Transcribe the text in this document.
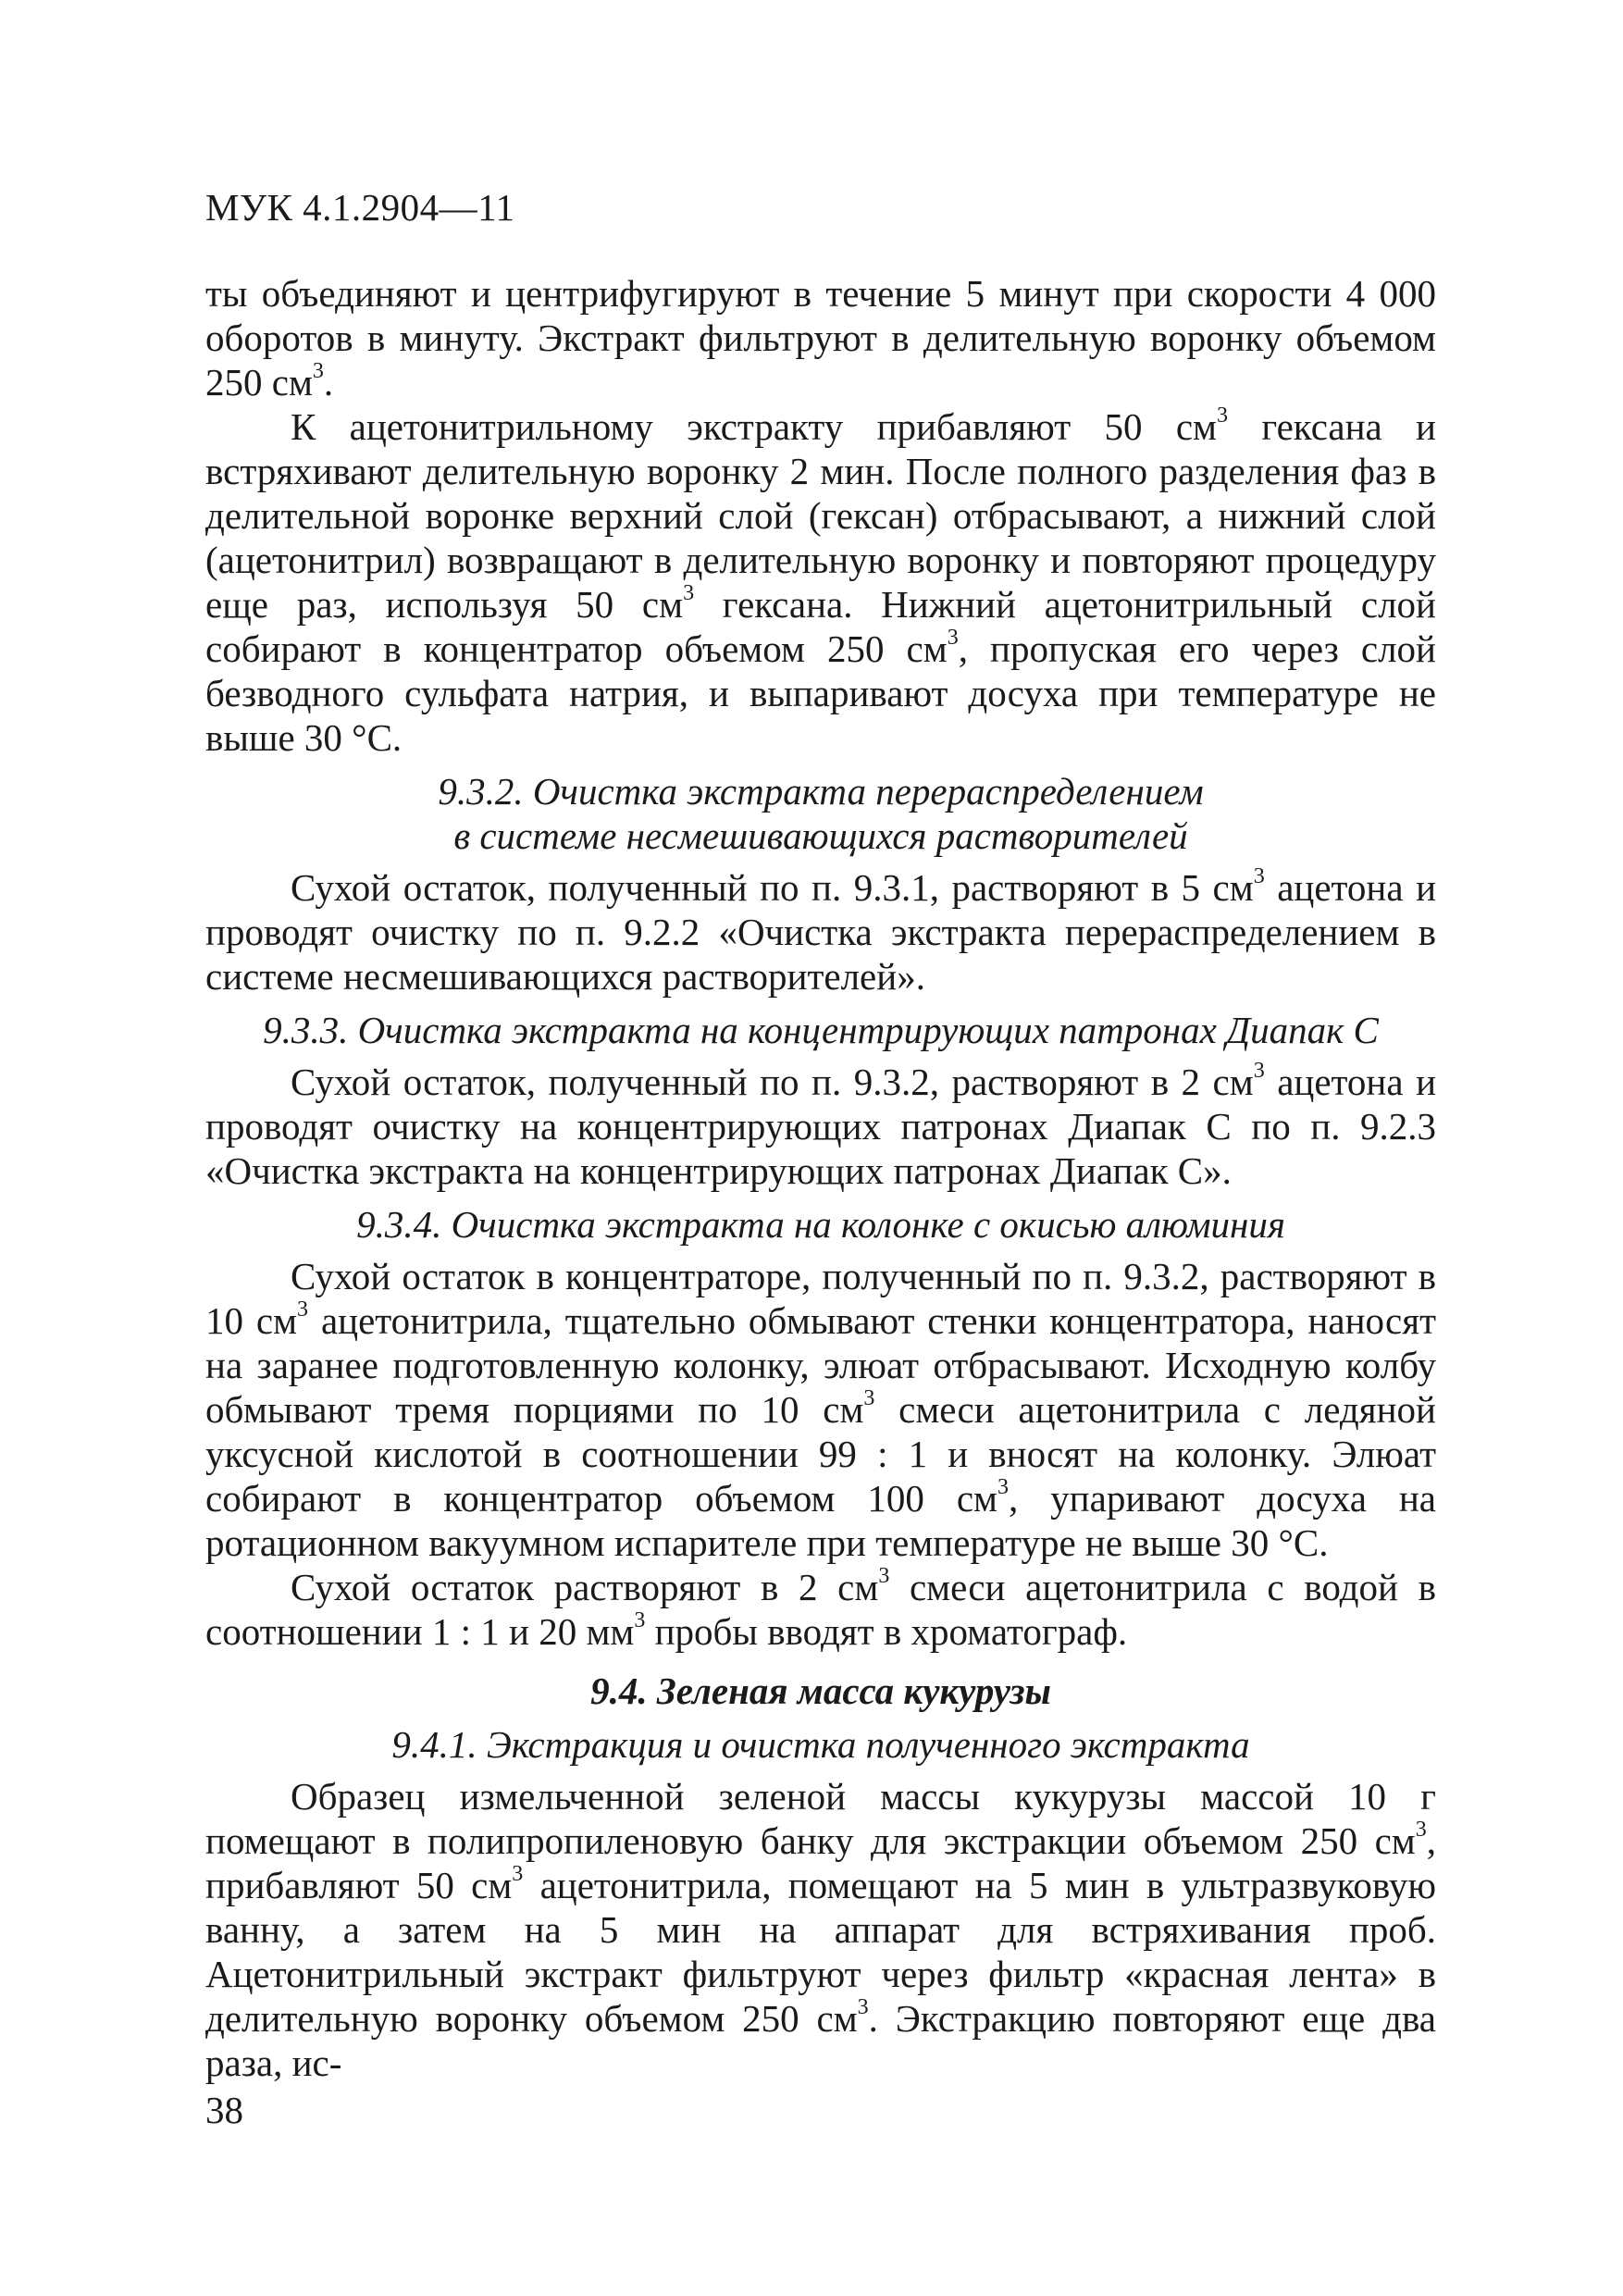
МУК 4.1.2904—11

ты объединяют и центрифугируют в течение 5 минут при скорости 4 000 оборотов в минуту. Экстракт фильтруют в делительную воронку объемом 250 $см^3$.

К ацетонитрильному экстракту прибавляют 50 $см^3$ гексана и встряхивают делительную воронку 2 мин. После полного разделения фаз в делительной воронке верхний слой (гексан) отбрасывают, а нижний слой (ацетонитрил) возвращают в делительную воронку и повторяют процедуру еще раз, используя 50 $см^3$ гексана. Нижний ацетонитрильный слой собирают в концентратор объемом 250 $см^3$, пропуская его через слой безводного сульфата натрия, и выпаривают досуха при температуре не выше 30 °С.

9.3.2. Очистка экстракта перераспределением
в системе несмешивающихся растворителей

Сухой остаток, полученный по п. 9.3.1, растворяют в 5 $см^3$ ацетона и проводят очистку по п. 9.2.2 «Очистка экстракта перераспределением в системе несмешивающихся растворителей».

9.3.3. Очистка экстракта на концентрирующих патронах Диапак С

Сухой остаток, полученный по п. 9.3.2, растворяют в 2 $см^3$ ацетона и проводят очистку на концентрирующих патронах Диапак С по п. 9.2.3 «Очистка экстракта на концентрирующих патронах Диапак С».

9.3.4. Очистка экстракта на колонке с окисью алюминия

Сухой остаток в концентраторе, полученный по п. 9.3.2, растворяют в 10 $см^3$ ацетонитрила, тщательно обмывают стенки концентратора, наносят на заранее подготовленную колонку, элюат отбрасывают. Исходную колбу обмывают тремя порциями по 10 $см^3$ смеси ацетонитрила с ледяной уксусной кислотой в соотношении 99 : 1 и вносят на колонку. Элюат собирают в концентратор объемом 100 $см^3$, упаривают досуха на ротационном вакуумном испарителе при температуре не выше 30 °С.

Сухой остаток растворяют в 2 $см^3$ смеси ацетонитрила с водой в соотношении 1 : 1 и 20 $мм^3$ пробы вводят в хроматограф.

9.4. Зеленая масса кукурузы
9.4.1. Экстракция и очистка полученного экстракта

Образец измельченной зеленой массы кукурузы массой 10 г помещают в полипропиленовую банку для экстракции объемом 250 $см^3$, прибавляют 50 $см^3$ ацетонитрила, помещают на 5 мин в ультразвуковую ванну, а затем на 5 мин на аппарат для встряхивания проб. Ацетонитрильный экстракт фильтруют через фильтр «красная лента» в делительную воронку объемом 250 $см^3$. Экстракцию повторяют еще два раза, ис-

38
